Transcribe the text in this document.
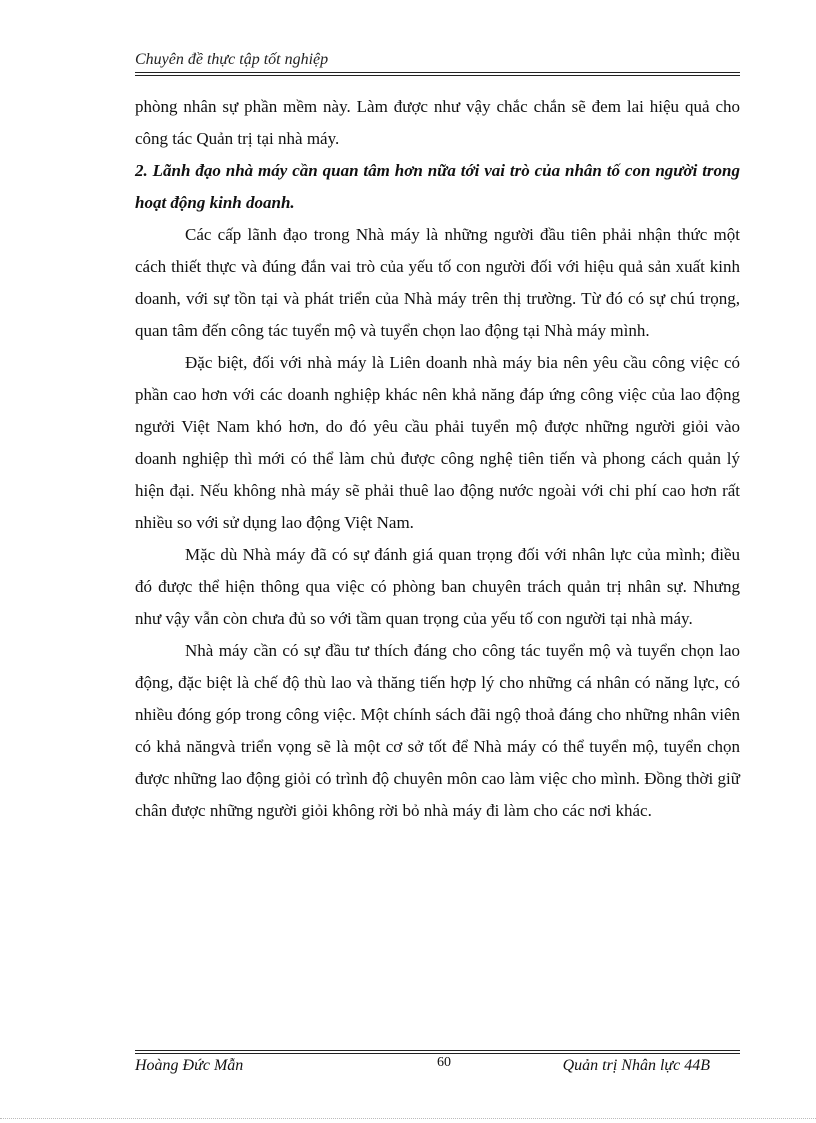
Chuyên đề thực tập tốt nghiệp

phòng nhân sự phần mềm này. Làm được như vậy chắc chắn sẽ đem lai hiệu quả cho công tác Quản trị tại nhà máy.

2. Lãnh đạo nhà máy cần quan tâm hơn nữa tới vai trò của nhân tố con người trong hoạt động kinh doanh.

Các cấp lãnh đạo trong Nhà máy là những người đầu tiên phải nhận thức một cách thiết thực và đúng đắn vai trò của yếu tố con người đối với hiệu quả sản xuất kinh doanh, với sự tồn tại và phát triển của Nhà máy trên thị trường. Từ đó có sự chú trọng, quan tâm đến công tác tuyển mộ và tuyển chọn lao động tại Nhà máy mình.

Đặc biệt, đối với nhà máy là Liên doanh nhà máy bia nên yêu cầu công việc có phần cao hơn với các doanh nghiệp khác nên khả năng đáp ứng công việc của lao động ngưởi Việt Nam khó hơn, do đó yêu cầu phải tuyển mộ được những người giỏi vào doanh nghiệp thì mới có thể làm chủ được công nghệ tiên tiến và phong cách quản lý hiện đại. Nếu không nhà máy sẽ phải thuê lao động nước ngoài với chi phí cao hơn rất nhiều so với sử dụng lao động Việt Nam.

Mặc dù Nhà máy đã có sự đánh giá quan trọng đối với nhân lực của mình; điều đó được thể hiện thông qua việc có phòng ban chuyên trách quản trị nhân sự. Nhưng như vậy vẫn còn chưa đủ so với tầm quan trọng của yếu tố con người tại nhà máy.

Nhà máy cần có sự đầu tư thích đáng cho công tác tuyển mộ và tuyển chọn lao động, đặc biệt là chế độ thù lao và thăng tiến hợp lý cho những cá nhân có năng lực, có nhiều đóng góp trong công việc. Một chính sách đãi ngộ thoả đáng cho những nhân viên có khả năngvà triển vọng sẽ là một cơ sở tốt để Nhà máy có thể tuyển mộ, tuyển chọn được những lao động giỏi có trình độ chuyên môn cao làm việc cho mình. Đồng thời giữ chân được những người giỏi không rời bỏ nhà máy đi làm cho các nơi khác.

Hoàng Đức Mẫn	60	Quản trị Nhân lực 44B
